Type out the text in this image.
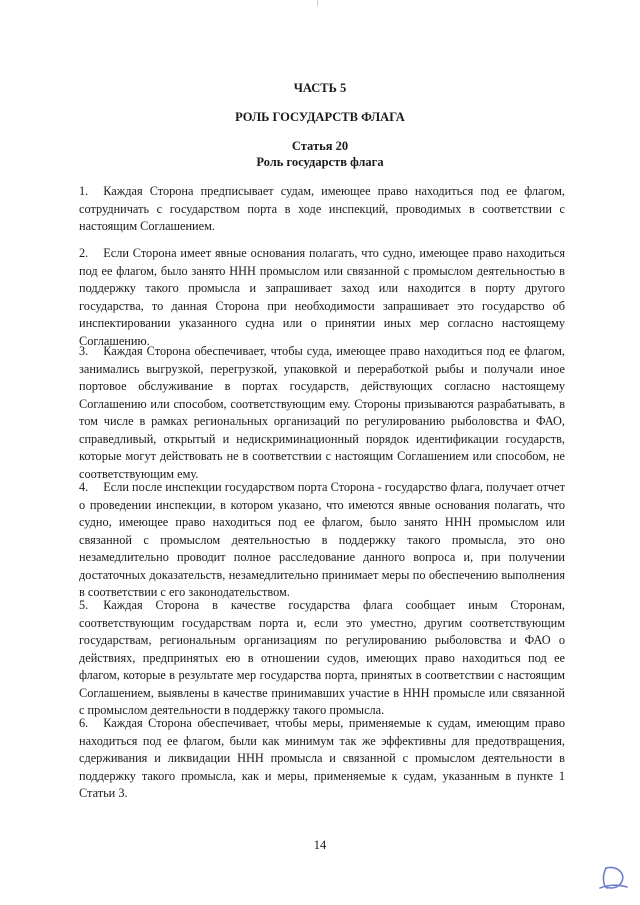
ЧАСТЬ 5
РОЛЬ ГОСУДАРСТВ ФЛАГА
Статья 20
Роль государств флага

1. Каждая Сторона предписывает судам, имеющее право находиться под ее флагом, сотрудничать с государством порта в ходе инспекций, проводимых в соответствии с настоящим Соглашением.

2. Если Сторона имеет явные основания полагать, что судно, имеющее право находиться под ее флагом, было занято ННН промыслом или связанной с промыслом деятельностью в поддержку такого промысла и запрашивает заход или находится в порту другого государства, то данная Сторона при необходимости запрашивает это государство об инспектировании указанного судна или о принятии иных мер согласно настоящему Соглашению.

3. Каждая Сторона обеспечивает, чтобы суда, имеющее право находиться под ее флагом, занимались выгрузкой, перегрузкой, упаковкой и переработкой рыбы и получали иное портовое обслуживание в портах государств, действующих согласно настоящему Соглашению или способом, соответствующим ему. Стороны призываются разрабатывать, в том числе в рамках региональных организаций по регулированию рыболовства и ФАО, справедливый, открытый и недискриминационный порядок идентификации государств, которые могут действовать не в соответствии с настоящим Соглашением или способом, не соответствующим ему.

4. Если после инспекции государством порта Сторона - государство флага, получает отчет о проведении инспекции, в котором указано, что имеются явные основания полагать, что судно, имеющее право находиться под ее флагом, было занято ННН промыслом или связанной с промыслом деятельностью в поддержку такого промысла, это оно незамедлительно проводит полное расследование данного вопроса и, при получении достаточных доказательств, незамедлительно принимает меры по обеспечению выполнения в соответствии с его законодательством.

5. Каждая Сторона в качестве государства флага сообщает иным Сторонам, соответствующим государствам порта и, если это уместно, другим соответствующим государствам, региональным организациям по регулированию рыболовства и ФАО о действиях, предпринятых ею в отношении судов, имеющих право находиться под ее флагом, которые в результате мер государства порта, принятых в соответствии с настоящим Соглашением, выявлены в качестве принимавших участие в ННН промысле или связанной с промыслом деятельности в поддержку такого промысла.

6. Каждая Сторона обеспечивает, чтобы меры, применяемые к судам, имеющим право находиться под ее флагом, были как минимум так же эффективны для предотвращения, сдерживания и ликвидации ННН промысла и связанной с промыслом деятельности в поддержку такого промысла, как и меры, применяемые к судам, указанным в пункте 1 Статьи 3.

14
